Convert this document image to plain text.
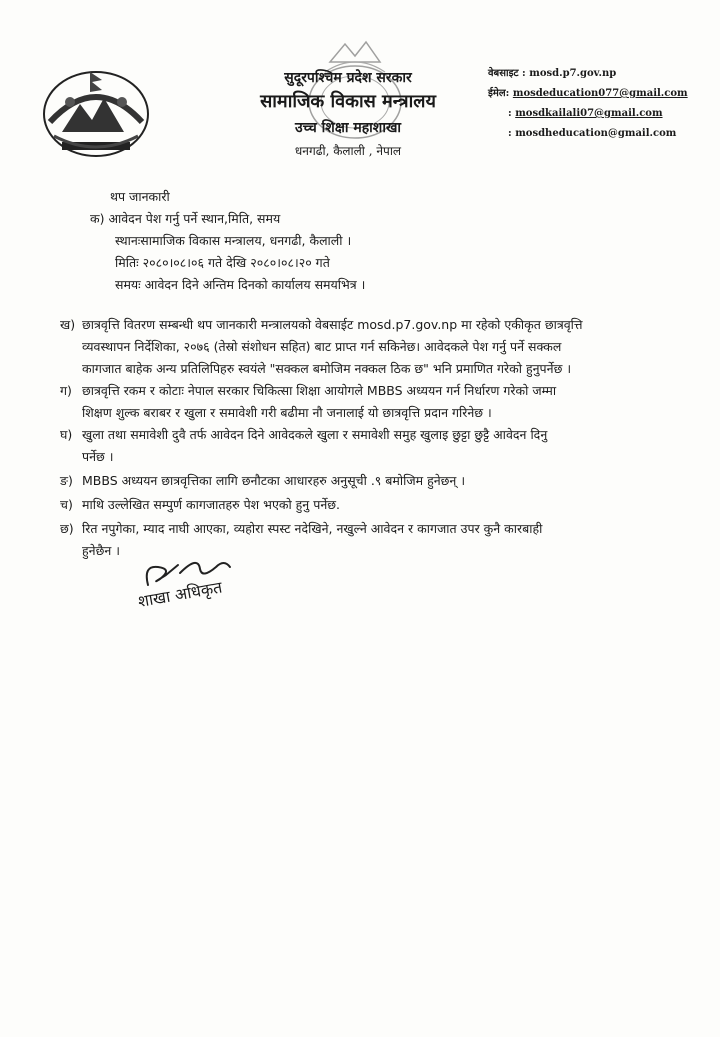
सुदूरपश्चिम प्रदेश सरकार
सामाजिक विकास मन्त्रालय
उच्च शिक्षा महाशाखा
धनगढी, कैलाली , नेपाल
वेबसाइट : mosd.p7.gov.np
ईमेल: mosdeducation077@gmail.com
: mosdkailali07@gmail.com
: mosdheducation@gmail.com
थप जानकारी
क) आवेदन पेश गर्नु पर्ने स्थान,मिति, समय
स्थानःसामाजिक विकास मन्त्रालय, धनगढी, कैलाली ।
मितिः २०८०।०८।०६ गते देखि २०८०।०८।२० गते
समयः आवेदन दिने अन्तिम दिनको कार्यालय समयभित्र ।
ख) छात्रवृत्ति वितरण सम्बन्धी थप जानकारी मन्त्रालयको वेबसाईट mosd.p7.gov.np मा रहेको एकीकृत छात्रवृत्ति
व्यवस्थापन निर्देशिका, २०७६ (तेस्रो संशोधन सहित) बाट प्राप्त गर्न सकिनेछ। आवेदकले पेश गर्नु पर्ने सक्कल
कागजात बाहेक अन्य प्रतिलिपिहरु स्वयंले "सक्कल बमोजिम नक्कल ठिक छ" भनि प्रमाणित गरेको हुनुपर्नेछ ।
ग) छात्रवृत्ति रकम र कोटाः नेपाल सरकार चिकित्सा शिक्षा आयोगले MBBS अध्ययन गर्न निर्धारण गरेको जम्मा
शिक्षण शुल्क बराबर र खुला र समावेशी गरी बढीमा नौ जनालाई यो छात्रवृत्ति प्रदान गरिनेछ ।
घ) खुला तथा समावेशी दुवै तर्फ आवेदन दिने आवेदकले खुला र समावेशी समुह खुलाइ छुट्टा छुट्टै आवेदन दिनु
पर्नेछ ।
ङ) MBBS अध्ययन छात्रवृत्तिका लागि छनौटका आधारहरु अनुसूची .९ बमोजिम हुनेछन् ।
च) माथि उल्लेखित सम्पुर्ण कागजातहरु पेश भएको हुनु पर्नेछ.
छ) रित नपुगेका, म्याद नाघी आएका, व्यहोरा स्पस्ट नदेखिने, नखुल्ने आवेदन र कागजात उपर कुनै कारबाही
हुनेछैन ।
शाखा अधिकृत
